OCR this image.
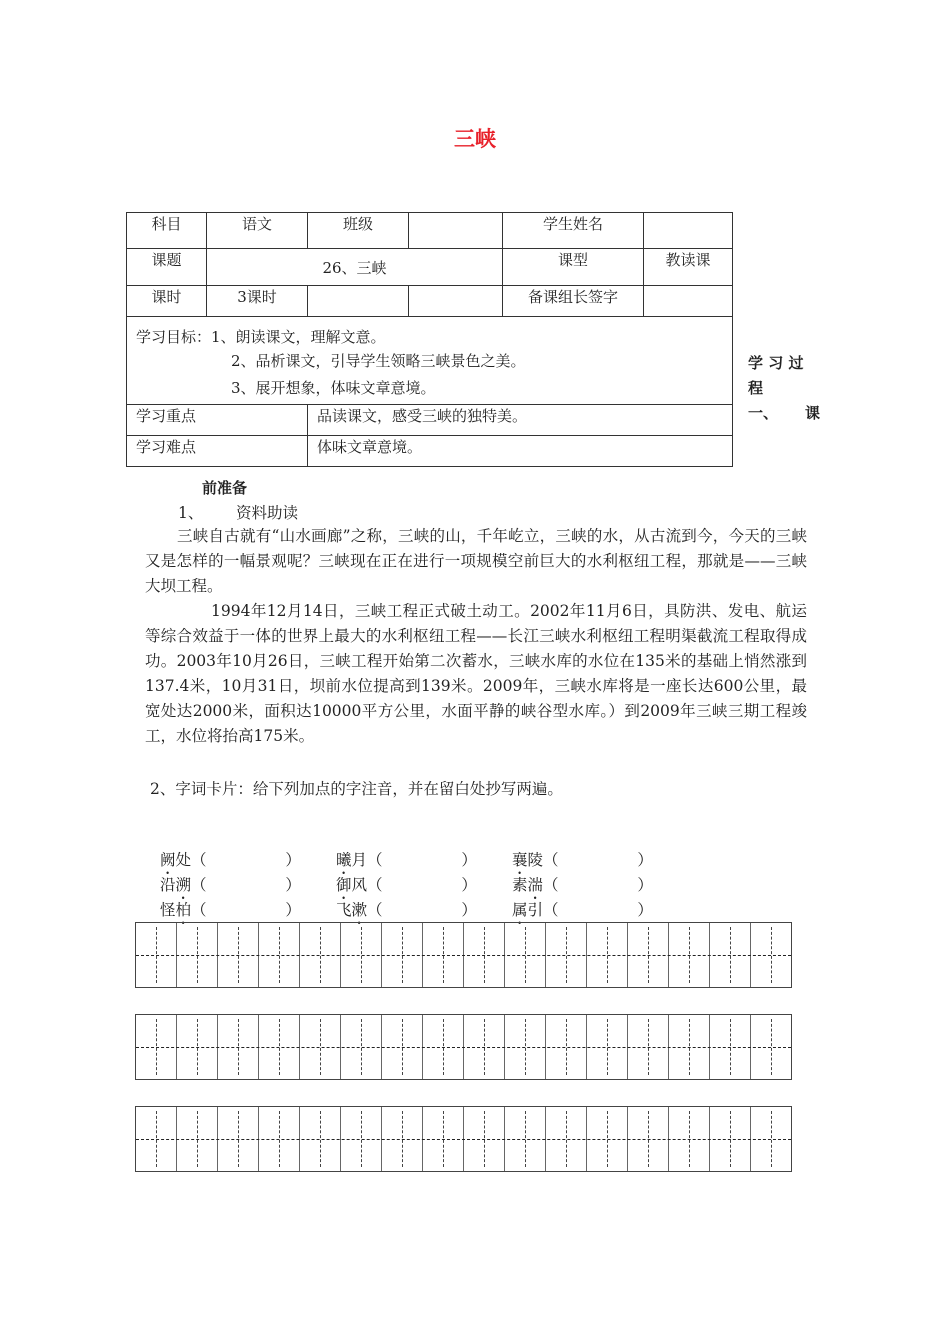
三峡
科目	语文	班级		学生姓名	
课题	26、三峡			课型	教读课
课时	3课时			备课组长签字	
学习目标：1、朗读课文，理解文意。
2、品析课文，引导学生领略三峡景色之美。
3、展开想象，体味文章意境。					
学习重点		品读课文，感受三峡的独特美。			
学习难点		体味文章意境。			
学 习 过
程
一、 课
前准备
1、 资料助读
三峡自古就有“山水画廊”之称，三峡的山，千年屹立，三峡的水，从古流到今，今天的三峡又是怎样的一幅景观呢？三峡现在正在进行一项规模空前巨大的水利枢纽工程，那就是——三峡大坝工程。
1994年12月14日，三峡工程正式破土动工。2002年11月6日，具防洪、发电、航运等综合效益于一体的世界上最大的水利枢纽工程——长江三峡水利枢纽工程明渠截流工程取得成功。2003年10月26日，三峡工程开始第二次蓄水，三峡水库的水位在135米的基础上悄然涨到137.4米，10月31日，坝前水位提高到139米。2009年，三峡水库将是一座长达600公里，最宽处达2000米，面积达10000平方公里，水面平静的峡谷型水库。）到2009年三峡三期工程竣工，水位将抬高175米。
2、字词卡片：给下列加点的字注音，并在留白处抄写两遍。
阙处（                ） 曦月（                ） 襄陵（                ）
沿溯（                ） 御风（                ） 素湍（                ）
怪柏（                ） 飞漱（                ） 属引（                ）
